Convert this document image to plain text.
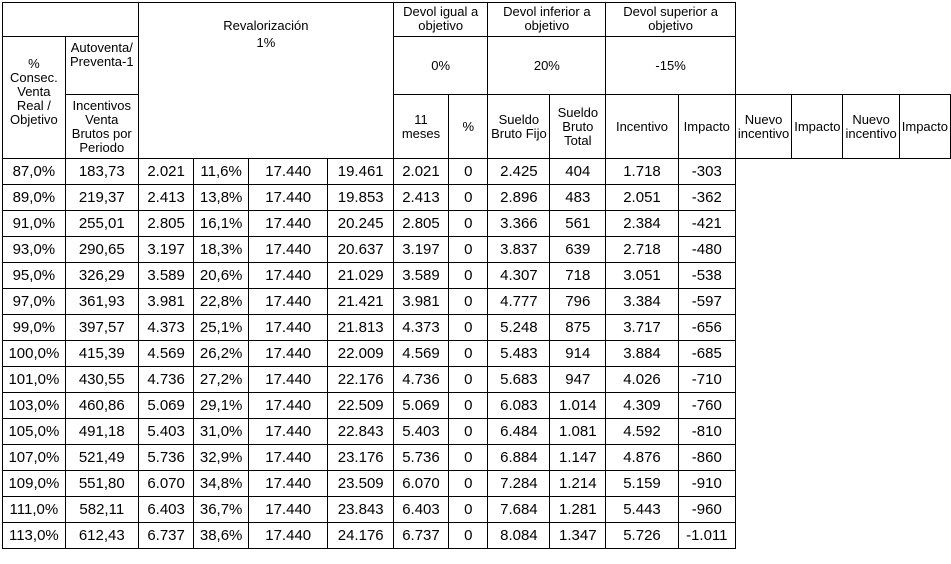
		Revalorización
1%				Devol igual a objetivo		Devol inferior a objetivo		Devol superior a objetivo					
% Consec. Venta Real / Objetivo	Autoventa/ Preventa-1					0%		20%		-15%					
	Incentivos Venta Brutos por Periodo					11 meses	%	Sueldo Bruto Fijo	Sueldo Bruto Total	Incentivo	Impacto	Nuevo incentivo	Impacto	Nuevo incentivo	Impacto
87,0%	183,73	2.021	11,6%	17.440	19.461	2.021	0	2.425	404	1.718	-303				
89,0%	219,37	2.413	13,8%	17.440	19.853	2.413	0	2.896	483	2.051	-362				
91,0%	255,01	2.805	16,1%	17.440	20.245	2.805	0	3.366	561	2.384	-421				
93,0%	290,65	3.197	18,3%	17.440	20.637	3.197	0	3.837	639	2.718	-480				
95,0%	326,29	3.589	20,6%	17.440	21.029	3.589	0	4.307	718	3.051	-538				
97,0%	361,93	3.981	22,8%	17.440	21.421	3.981	0	4.777	796	3.384	-597				
99,0%	397,57	4.373	25,1%	17.440	21.813	4.373	0	5.248	875	3.717	-656				
100,0%	415,39	4.569	26,2%	17.440	22.009	4.569	0	5.483	914	3.884	-685				
101,0%	430,55	4.736	27,2%	17.440	22.176	4.736	0	5.683	947	4.026	-710				
103,0%	460,86	5.069	29,1%	17.440	22.509	5.069	0	6.083	1.014	4.309	-760				
105,0%	491,18	5.403	31,0%	17.440	22.843	5.403	0	6.484	1.081	4.592	-810				
107,0%	521,49	5.736	32,9%	17.440	23.176	5.736	0	6.884	1.147	4.876	-860				
109,0%	551,80	6.070	34,8%	17.440	23.509	6.070	0	7.284	1.214	5.159	-910				
111,0%	582,11	6.403	36,7%	17.440	23.843	6.403	0	7.684	1.281	5.443	-960				
113,0%	612,43	6.737	38,6%	17.440	24.176	6.737	0	8.084	1.347	5.726	-1.011				
